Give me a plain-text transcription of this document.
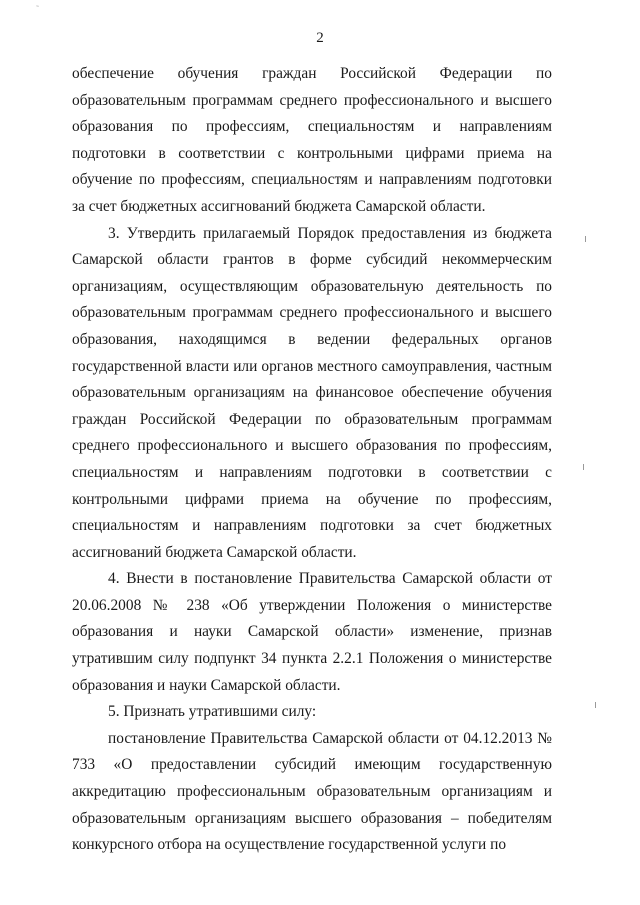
˜
2

обеспечение обучения граждан Российской Федерации по образовательным программам среднего профессионального и высшего образования по профессиям, специальностям и направлениям подготовки в соответствии с контрольными цифрами приема на обучение по профессиям, специальностям и направлениям подготовки за счет бюджетных ассигнований бюджета Самарской области.

3. Утвердить прилагаемый Порядок предоставления из бюджета Самарской области грантов в форме субсидий некоммерческим организациям, осуществляющим образовательную деятельность по образовательным программам среднего профессионального и высшего образования, находящимся в ведении федеральных органов государственной власти или органов местного самоуправления, частным образовательным организациям на финансовое обеспечение обучения граждан Российской Федерации по образовательным программам среднего профессионального и высшего образования по профессиям, специальностям и направлениям подготовки в соответствии с контрольными цифрами приема на обучение по профессиям, специальностям и направлениям подготовки за счет бюджетных ассигнований бюджета Самарской области.

4. Внести в постановление Правительства Самарской области от 20.06.2008 № 238 «Об утверждении Положения о министерстве образования и науки Самарской области» изменение, признав утратившим силу подпункт 34 пункта 2.2.1 Положения о министерстве образования и науки Самарской области.

5. Признать утратившими силу:

постановление Правительства Самарской области от 04.12.2013 № 733 «О предоставлении субсидий имеющим государственную аккредитацию профессиональным образовательным организациям и образовательным организациям высшего образования – победителям конкурсного отбора на осуществление государственной услуги по
